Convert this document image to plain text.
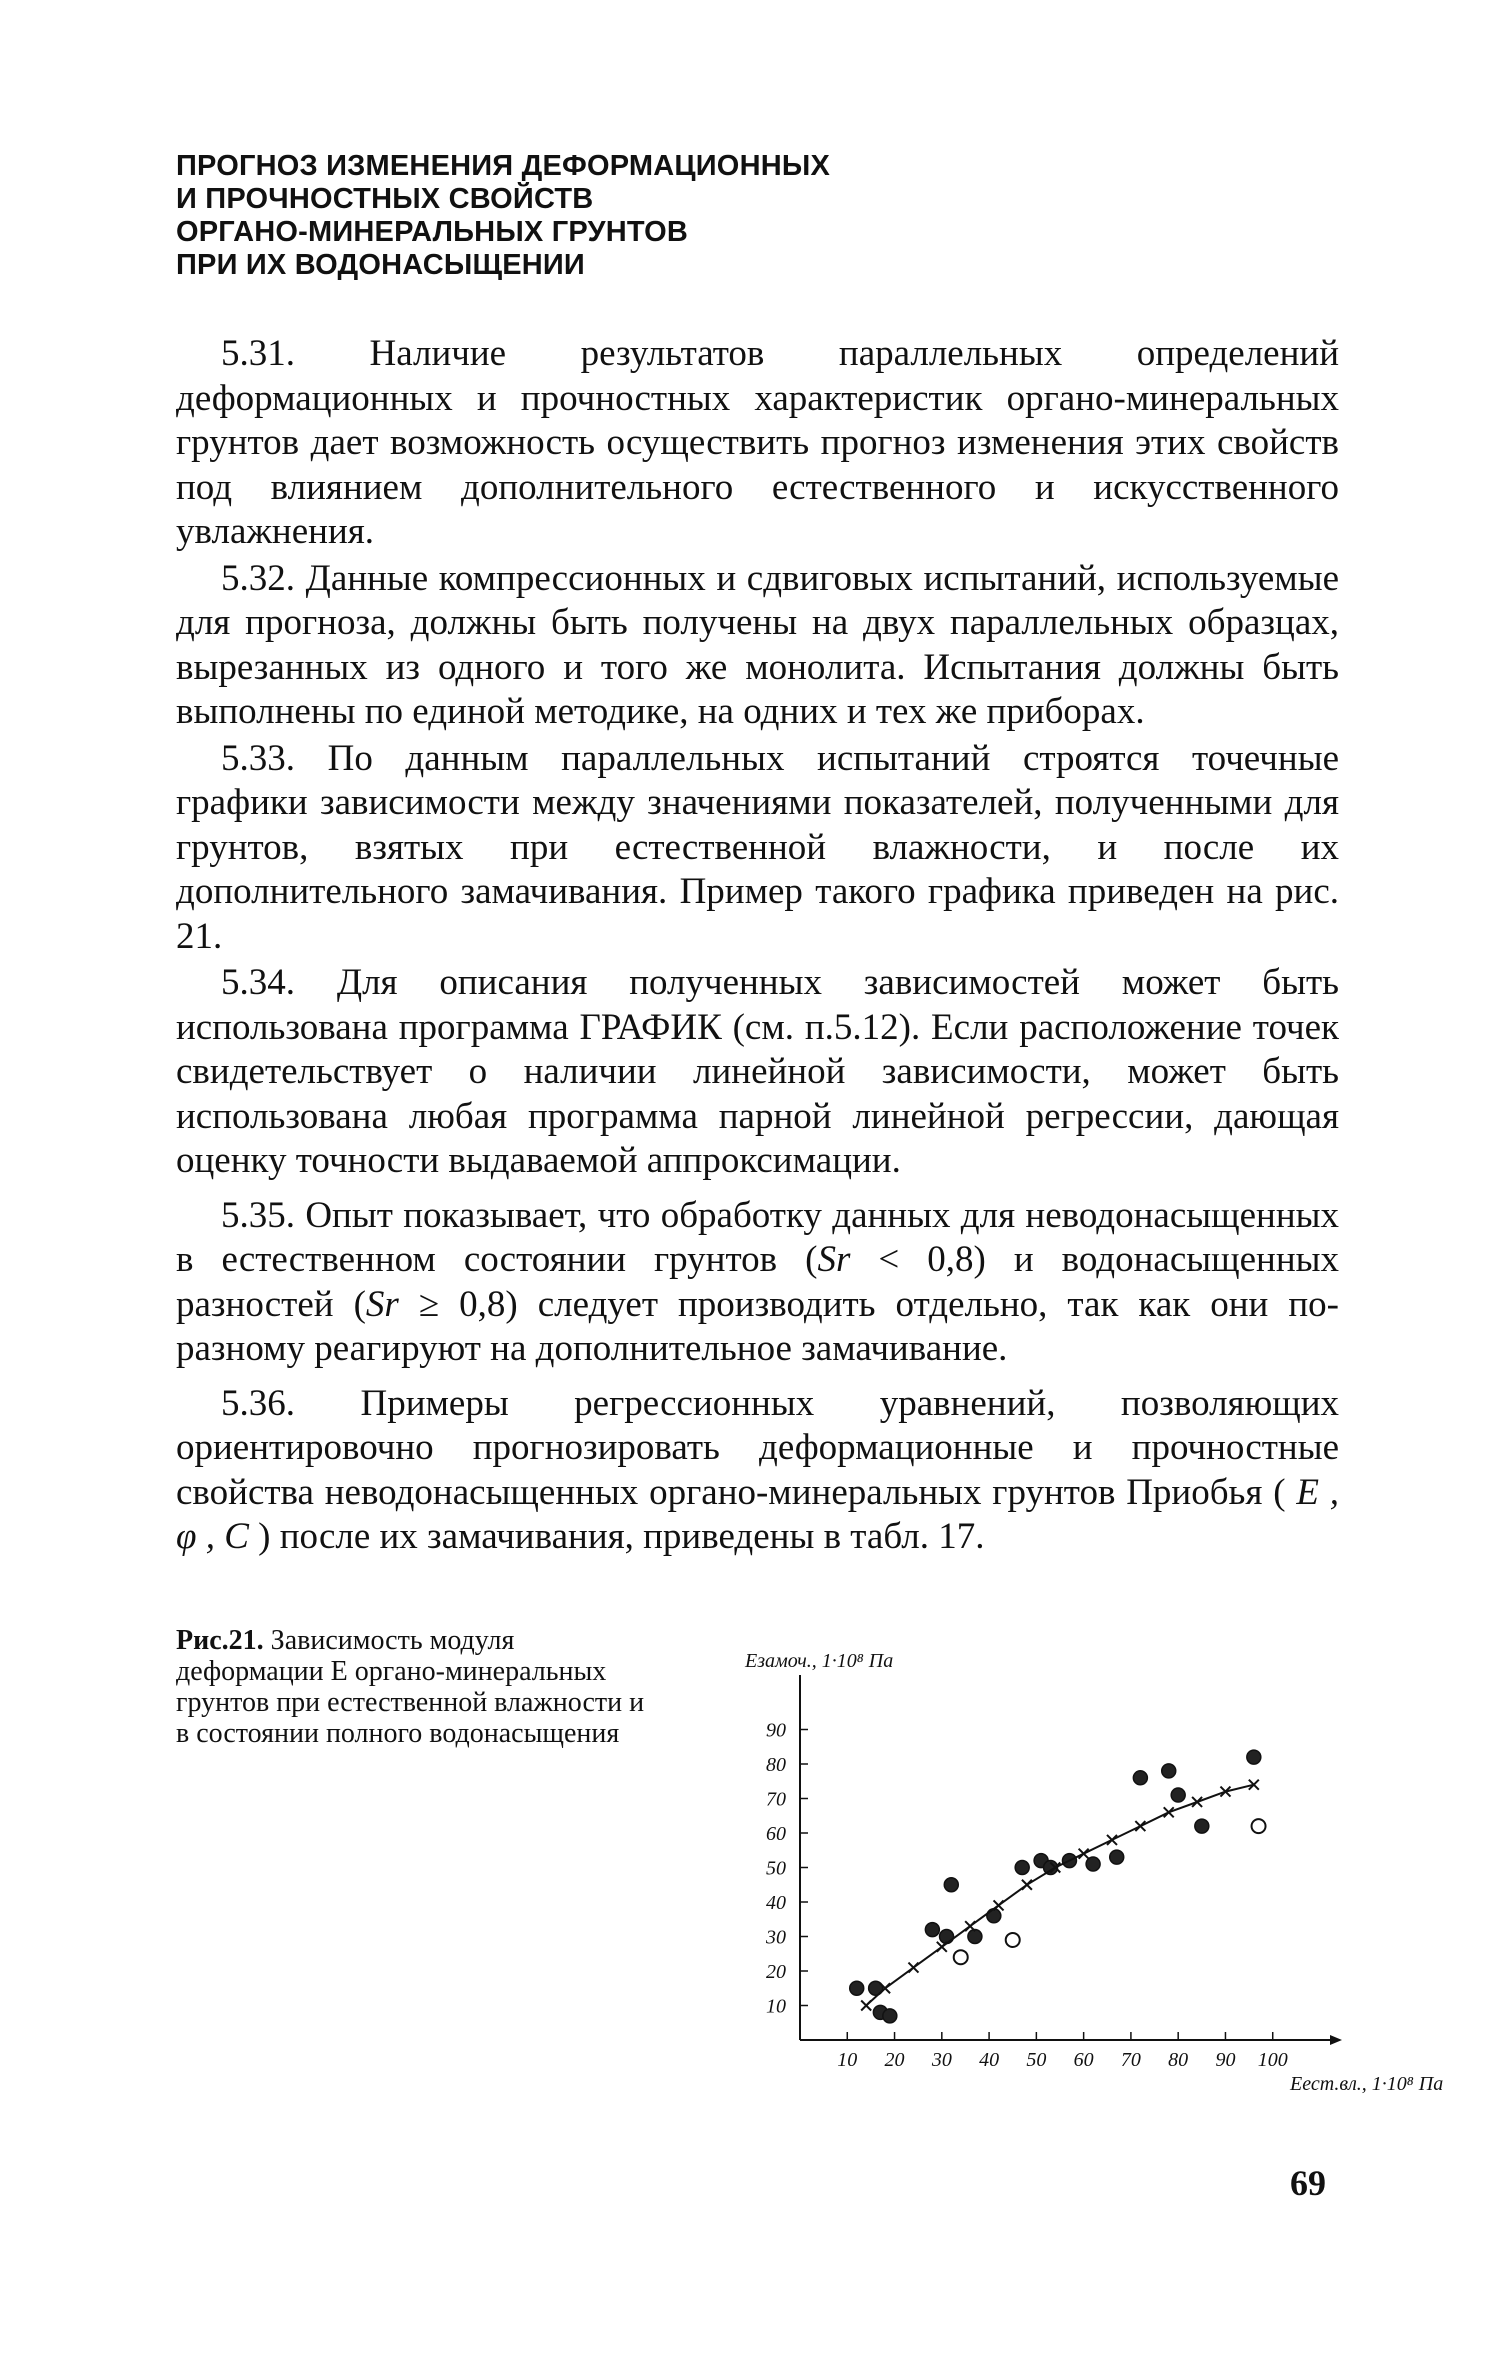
ПРОГНОЗ ИЗМЕНЕНИЯ ДЕФОРМАЦИОННЫХ
И ПРОЧНОСТНЫХ СВОЙСТВ
ОРГАНО-МИНЕРАЛЬНЫХ ГРУНТОВ
ПРИ ИХ ВОДОНАСЫЩЕНИИ

5.31. Наличие результатов параллельных определений деформационных и прочностных характеристик органо-минеральных грунтов дает возможность осуществить прогноз изменения этих свойств под влиянием дополнительного естественного и искусственного увлажнения.

5.32. Данные компрессионных и сдвиговых испытаний, используемые для прогноза, должны быть получены на двух параллельных образцах, вырезанных из одного и того же монолита. Испытания должны быть выполнены по единой методике, на одних и тех же приборах.

5.33. По данным параллельных испытаний строятся точечные графики зависимости между значениями показателей, полученными для грунтов, взятых при естественной влажности, и после их дополнительного замачивания. Пример такого графика приведен на рис. 21.

5.34. Для описания полученных зависимостей может быть использована программа ГРАФИК (см. п.5.12). Если расположение точек свидетельствует о наличии линейной зависимости, может быть использована любая программа парной линейной регрессии, дающая оценку точности выдаваемой аппроксимации.

5.35. Опыт показывает, что обработку данных для неводонасыщенных в естественном состоянии грунтов (Sr < 0,8) и водонасыщенных разностей (Sr ≥ 0,8) следует производить отдельно, так как они по-разному реагируют на дополнительное замачивание.

5.36. Примеры регрессионных уравнений, позволяющих ориентировочно прогнозировать деформационные и прочностные свойства неводонасыщенных органо-минеральных грунтов Приобья ( E , φ , C ) после их замачивания, приведены в табл. 17.

Рис.21. Зависимость модуля деформации E органо-минеральных грунтов при естественной влажности и в состоянии полного водонасыщения
10 20 30 40 50 60 70 80 90 100
10
20
30
40
50
60
70
80
90
Eзамоч., 1·10⁸ Па
Eест.вл., 1·10⁸ Па
69
